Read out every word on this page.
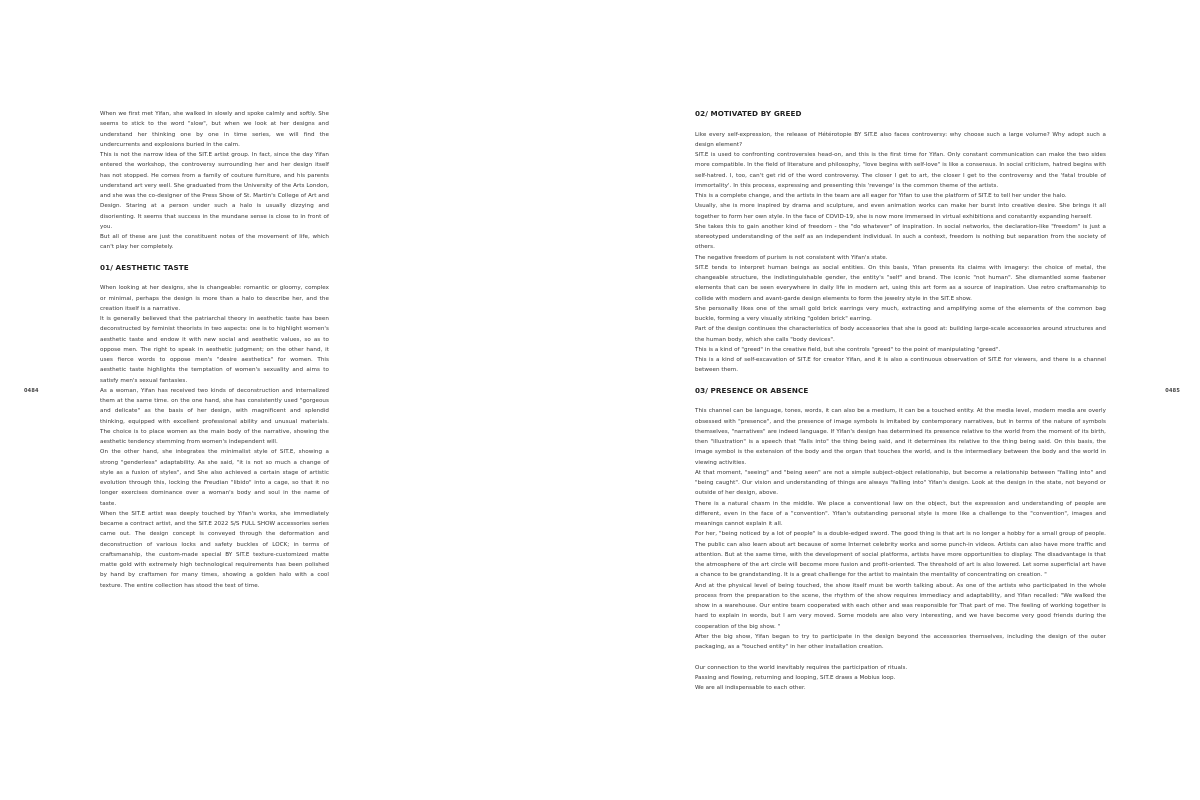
0484

When we first met Yifan, she walked in slowly and spoke calmly and softly. She seems to stick to the word "slow", but when we look at her designs and understand her thinking one by one in time series, we will find the undercurrents and explosions buried in the calm.

This is not the narrow idea of the SIT.E artist group. In fact, since the day Yifan entered the workshop, the controversy surrounding her and her design itself has not stopped. He comes from a family of couture furniture, and his parents understand art very well. She graduated from the University of the Arts London, and she was the co-designer of the Press Show of St. Martin's College of Art and Design. Staring at a person under such a halo is usually dizzying and disorienting. It seems that success in the mundane sense is close to in front of you.

But all of these are just the constituent notes of the movement of life, which can't play her completely.

01/ AESTHETIC TASTE

When looking at her designs, she is changeable: romantic or gloomy, complex or minimal, perhaps the design is more than a halo to describe her, and the creation itself is a narrative.

It is generally believed that the patriarchal theory in aesthetic taste has been deconstructed by feminist theorists in two aspects: one is to highlight women's aesthetic taste and endow it with new social and aesthetic values, so as to oppose men. The right to speak in aesthetic judgment; on the other hand, it uses fierce words to oppose men's "desire aesthetics" for women. This aesthetic taste highlights the temptation of women's sexuality and aims to satisfy men's sexual fantasies.

As a woman, Yifan has received two kinds of deconstruction and internalized them at the same time. on the one hand, she has consistently used "gorgeous and delicate" as the basis of her design, with magnificent and splendid thinking, equipped with excellent professional ability and unusual materials. The choice is to place women as the main body of the narrative, showing the aesthetic tendency stemming from women's independent will.

On the other hand, she integrates the minimalist style of SIT.E, showing a strong "genderless" adaptability. As she said, "it is not so much a change of style as a fusion of styles", and She also achieved a certain stage of artistic evolution through this, locking the Freudian "libido" into a cage, so that it no longer exercises dominance over a woman's body and soul in the name of taste.

When the SIT.E artist was deeply touched by Yifan's works, she immediately became a contract artist, and the SIT.E 2022 S/S FULL SHOW accessories series came out. The design concept is conveyed through the deformation and deconstruction of various locks and safety buckles of LOCK; in terms of craftsmanship, the custom-made special BY SIT.E texture-customized matte matte gold with extremely high technological requirements has been polished by hand by craftsmen for many times, showing a golden halo with a cool texture. The entire collection has stood the test of time.

0485
02/ MOTIVATED BY GREED

Like every self-expression, the release of Hétérotopie BY SIT.E also faces controversy: why choose such a large volume? Why adopt such a design element?

SIT.E is used to confronting controversies head-on, and this is the first time for Yifan. Only constant communication can make the two sides more compatible. In the field of literature and philosophy, "love begins with self-love" is like a consensus. In social criticism, hatred begins with self-hatred. I, too, can't get rid of the word controversy. The closer I get to art, the closer I get to the controversy and the 'fatal trouble of immortality'. In this process, expressing and presenting this 'revenge' is the common theme of the artists.

This is a complete change, and the artists in the team are all eager for Yifan to use the platform of SIT.E to tell her under the halo.

Usually, she is more inspired by drama and sculpture, and even animation works can make her burst into creative desire. She brings it all together to form her own style. In the face of COVID-19, she is now more immersed in virtual exhibitions and constantly expanding herself.

She takes this to gain another kind of freedom - the "do whatever" of inspiration. In social networks, the declaration-like "freedom" is just a stereotyped understanding of the self as an independent individual. In such a context, freedom is nothing but separation from the society of others.

The negative freedom of purism is not consistent with Yifan's state.

SIT.E tends to interpret human beings as social entities. On this basis, Yifan presents its claims with imagery: the choice of metal, the changeable structure, the indistinguishable gender, the entity's "self" and brand. The iconic "not human". She dismantled some fastener elements that can be seen everywhere in daily life in modern art, using this art form as a source of inspiration. Use retro craftsmanship to collide with modern and avant-garde design elements to form the jewelry style in the SIT.E show.

She personally likes one of the small gold brick earrings very much, extracting and amplifying some of the elements of the common bag buckle, forming a very visually striking "golden brick" earring.

Part of the design continues the characteristics of body accessories that she is good at: building large-scale accessories around structures and the human body, which she calls "body devices".

This is a kind of "greed" in the creative field, but she controls "greed" to the point of manipulating "greed".

This is a kind of self-excavation of SIT.E for creator Yifan, and it is also a continuous observation of SIT.E for viewers, and there is a channel between them.

03/ PRESENCE OR ABSENCE

This channel can be language, tones, words, it can also be a medium, it can be a touched entity. At the media level, modern media are overly obsessed with "presence", and the presence of image symbols is imitated by contemporary narratives, but in terms of the nature of symbols themselves, "narratives" are indeed language. If Yifan's design has determined its presence relative to the world from the moment of its birth, then "illustration" is a speech that "falls into" the thing being said, and it determines its relative to the thing being said. On this basis, the image symbol is the extension of the body and the organ that touches the world, and is the intermediary between the body and the world in viewing activities.

At that moment, "seeing" and "being seen" are not a simple subject-object relationship, but become a relationship between "falling into" and "being caught". Our vision and understanding of things are always "falling into" Yifan's design. Look at the design in the state, not beyond or outside of her design, above.

There is a natural chasm in the middle. We place a conventional law on the object, but the expression and understanding of people are different, even in the face of a "convention". Yifan's outstanding personal style is more like a challenge to the "convention", images and meanings cannot explain it all.

For her, "being noticed by a lot of people" is a double-edged sword. The good thing is that art is no longer a hobby for a small group of people. The public can also learn about art because of some Internet celebrity works and some punch-in videos. Artists can also have more traffic and attention. But at the same time, with the development of social platforms, artists have more opportunities to display. The disadvantage is that the atmosphere of the art circle will become more fusion and profit-oriented. The threshold of art is also lowered. Let some superficial art have a chance to be grandstanding. It is a great challenge for the artist to maintain the mentality of concentrating on creation. "

And at the physical level of being touched, the show itself must be worth talking about. As one of the artists who participated in the whole process from the preparation to the scene, the rhythm of the show requires immediacy and adaptability, and Yifan recalled: "We walked the show in a warehouse. Our entire team cooperated with each other and was responsible for That part of me. The feeling of working together is hard to explain in words, but I am very moved. Some models are also very interesting, and we have become very good friends during the cooperation of the big show. "

After the big show, Yifan began to try to participate in the design beyond the accessories themselves, including the design of the outer packaging, as a "touched entity" in her other installation creation.

Our connection to the world inevitably requires the participation of rituals.

Passing and flowing, returning and looping, SIT.E draws a Mobius loop.

We are all indispensable to each other.
